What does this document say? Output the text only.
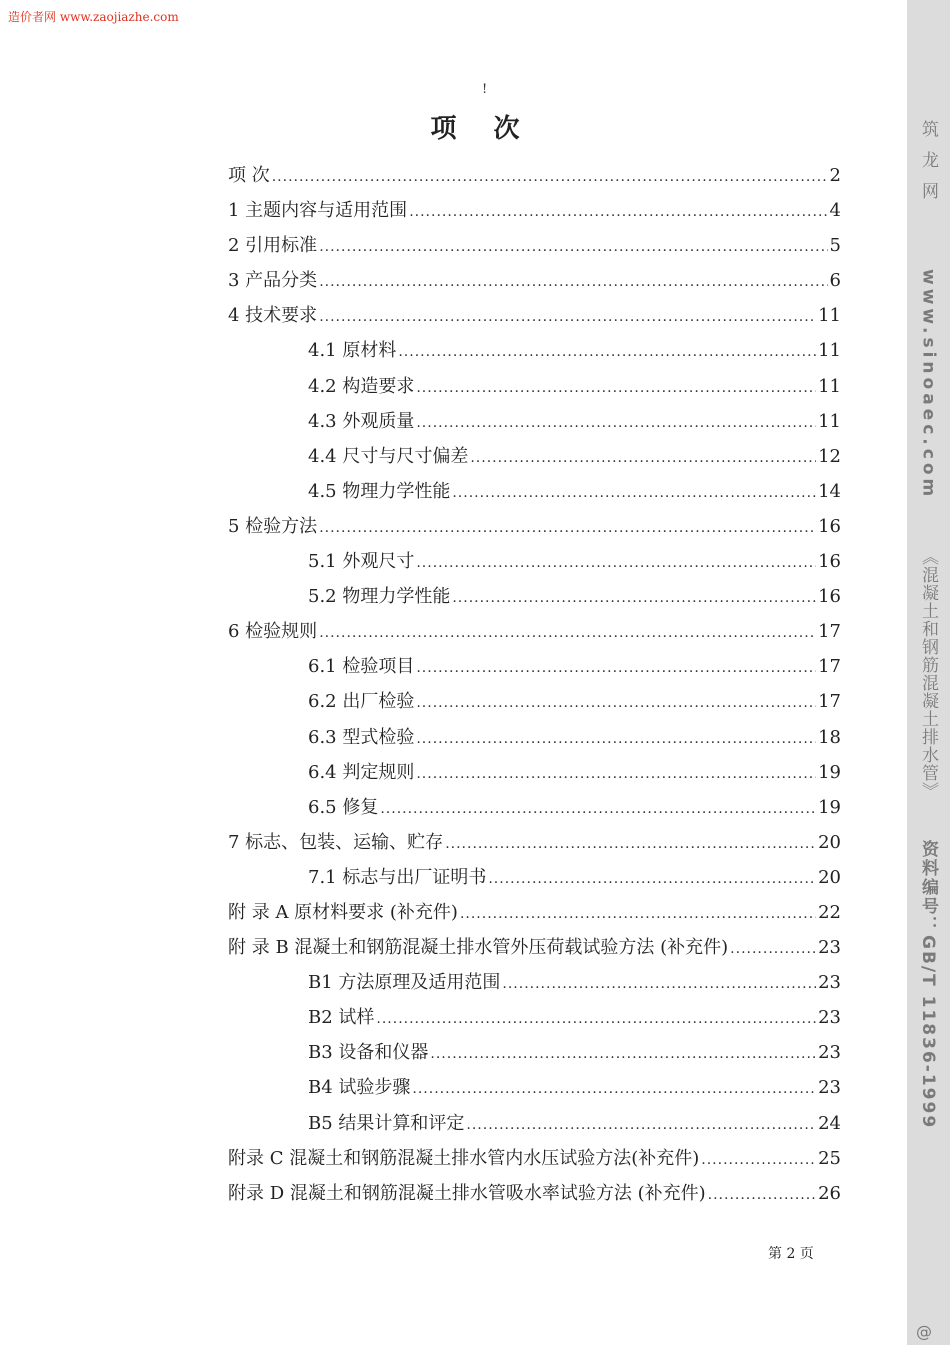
造价者网 www.zaojiazhe.com
!
项 次
项 次 .....	2
1 主题内容与适用范围 .....	4
2 引用标准 .....	5
3 产品分类 .....	6
4 技术要求 .....	11
4.1 原材料 .....	11
4.2 构造要求 .....	11
4.3 外观质量 .....	11
4.4 尺寸与尺寸偏差 .....	12
4.5 物理力学性能 .....	14
5 检验方法 .....	16
5.1 外观尺寸 .....	16
5.2 物理力学性能 .....	16
6 检验规则 .....	17
6.1 检验项目 .....	17
6.2 出厂检验 .....	17
6.3 型式检验 .....	18
6.4 判定规则 .....	19
6.5 修复 .....	19
7 标志、包装、运输、贮存 .....	20
7.1 标志与出厂证明书 .....	20
附 录 A 原材料要求 (补充件) .....	22
附 录 B 混凝土和钢筋混凝土排水管外压荷载试验方法 (补充件) .....	23
B1 方法原理及适用范围 .....	23
B2 试样 .....	23
B3 设备和仪器 .....	23
B4 试验步骤 .....	23
B5 结果计算和评定 .....	24
附录 C 混凝土和钢筋混凝土排水管内水压试验方法(补充件) .....	25
附录 D 混凝土和钢筋混凝土排水管吸水率试验方法 (补充件) .....	26
第 2 页
筑龙网
www.sinoaec.com
《混凝土和钢筋混凝土排水管》
资料编号：GB/T 11836-1999
@
